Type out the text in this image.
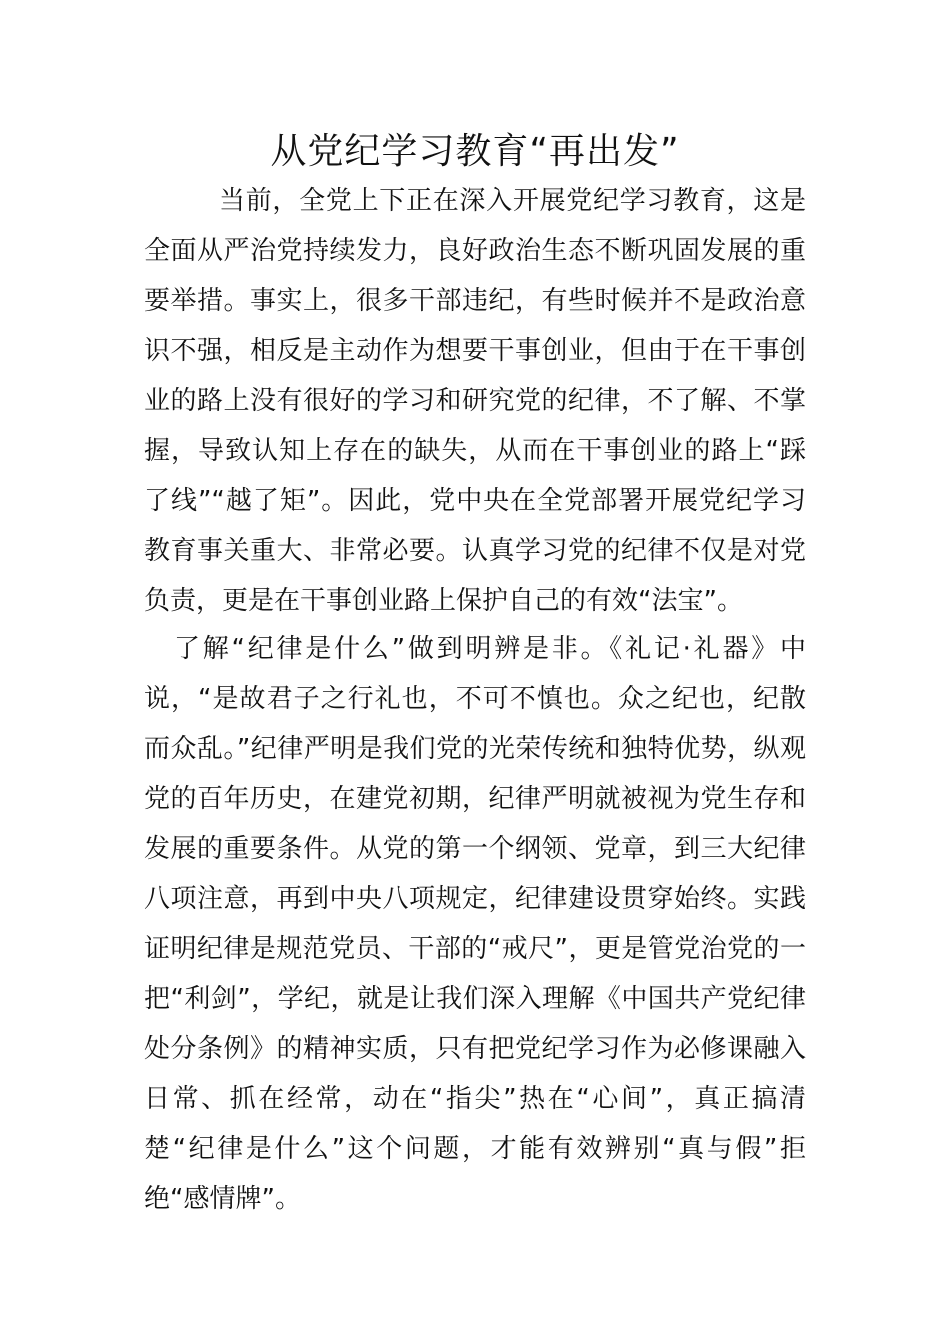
从党纪学习教育“再出发”

当前，全党上下正在深入开展党纪学习教育，这是全面从严治党持续发力，良好政治生态不断巩固发展的重要举措。事实上，很多干部违纪，有些时候并不是政治意识不强，相反是主动作为想要干事创业，但由于在干事创业的路上没有很好的学习和研究党的纪律，不了解、不掌握，导致认知上存在的缺失，从而在干事创业的路上“踩了线”“越了矩”。因此，党中央在全党部署开展党纪学习教育事关重大、非常必要。认真学习党的纪律不仅是对党负责，更是在干事创业路上保护自己的有效“法宝”。

了解“纪律是什么”做到明辨是非。《礼记·礼器》中说，“是故君子之行礼也，不可不慎也。众之纪也，纪散而众乱。”纪律严明是我们党的光荣传统和独特优势，纵观党的百年历史，在建党初期，纪律严明就被视为党生存和发展的重要条件。从党的第一个纲领、党章，到三大纪律八项注意，再到中央八项规定，纪律建设贯穿始终。实践证明纪律是规范党员、干部的“戒尺”，更是管党治党的一把“利剑”，学纪，就是让我们深入理解《中国共产党纪律处分条例》的精神实质，只有把党纪学习作为必修课融入日常、抓在经常，动在“指尖”热在“心间”，真正搞清楚“纪律是什么”这个问题，才能有效辨别“真与假”拒绝“感情牌”。
